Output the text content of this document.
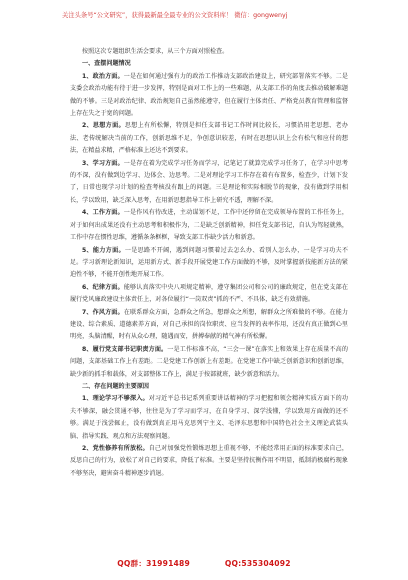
关注头条号“公文研究”，获得最新最全最专业的公文资料库！ 微信：gongwenyj

按照这次专题组织生活会要求，从三个方面对照检查。

一、查摆问题情况

1、政治方面。一是在如何通过强有力的政治工作推动支部政治建设上，研究部署落实不够。二是支委会政治功能有待于进一步发挥，特别是面对工作上的一些难题，从支部工作的角度去推动破解难题做的不够。三是对政治纪律、政治规矩自己虽然能遵守，但在履行主体责任、严格党员教育管理和监督上存在失之于宽的问题。

2、思想方面。思想上有所松懈，特别是担任支部书记工作时间比较长，习惯沿用老思想、老办法、老传统解决当前的工作，创新思维不足，争创意识较差，有时在思想认识上会有松气和应付的想法，在精益求精，严格标准上还达不到要求。

3、学习方面。一是存在着为完成学习任务而学习，记笔记了就算完成学习任务了，在学习中思考的不深，没有做到边学习、边体会、边思考。二是对理论学习工作存在着有布置多，检查少，计划下发了，日常也现学习计划的检查考核没有跟上的问题。三是理论和实际相脱节的现象，没有做到学用相长，学以致用，缺乏深入思考，在用新思想指导工作上研究不透，理解不深。

4、工作方面。一是作风有待改进，主动谋划不足，工作中还停留在完成领导布置的工作任务上，对于如何出成果还没有主动思考和积极作为，二是缺乏创新精神，担任党支部书记，自认为驾轻就熟，工作中存在惯性思维，遵循条条框框，导致支部工作缺少活力和新意。

5、能力方面。一是思路不开阔，遇到问题习惯着过去怎么办、看别人怎么办，一是学习功夫不足。学习新理论新知识，运用新方式、新手段开展党建工作方面做的不够，及时掌握新技能新方法的紧迫性不够，不能开创性地开展工作。

6、纪律方面。能够认真落实中央八项规定精神，遵守集团公司和公司的廉政规定，但在党支部在履行党风廉政建设主体责任上，对各位履行“一岗双责”抓的不严、不具体，缺乏有效措施。

7、作风方面。在联系群众方面，急群众之所急，想群众之所想，解群众之所难做的不够。在能力建设、综合素质、道德素养方面，对自己承担的岗位职责、应当发挥的表率作用，还没有真正做到心里明亮，头脑清醒，时有从众心理，随遇而安，拼搏奉献的精气神有所松懈。

8、履行党支部书记职责方面。一是工作标准不高，“三会一课”在落实上和效果上存在质量不高的问题，支部基础工作上有差距。二是党建工作创新上有差距。在党建工作中缺乏创新意识和创新思维，缺少新的抓手和载体，对支部整体工作上，满足于按部就班，缺少新意和活力。

二、存在问题的主要原因

1、理论学习不够深入。对习近平总书记系列重要讲话精神的学习把握和领会精神实质方面下的功夫不够深，融会贯通不够，往往是为了学习而学习，在自身学习、深学浅懂，学以致用方面做的还不够。满足于浅尝辄止，没有做到真正用马克思列宁主义、毛泽东思想和中国特色社会主义理论武装头脑、指导实践、观点和方法观察问题。

2、党性修养有所放松。自己对加强党性锻炼思想上重视不够，不能经常用正面的标准要求自己，反思自己的行为，放松了对自己的要求，降低了标准。主要是坚持抗衡作用不明显，抵制消极腐朽现象不够坚决，避害奋斗精神逐步消退。

QQ群：31991489	QQ:535304092
